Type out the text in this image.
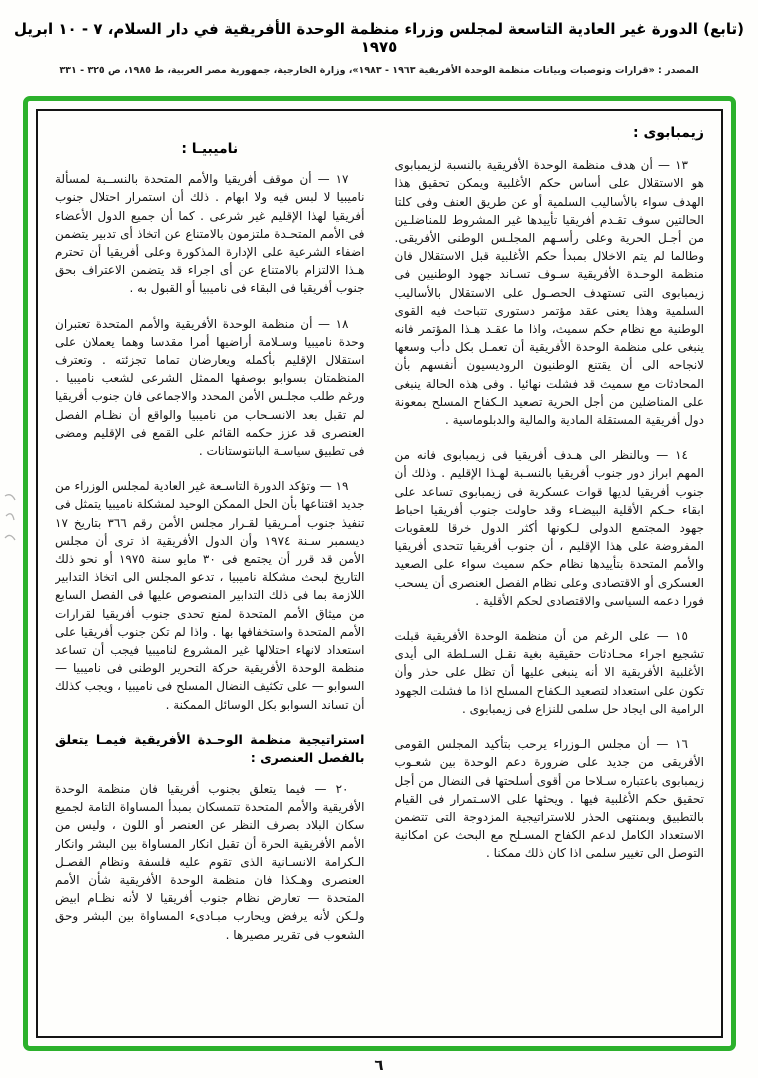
(تابع) الدورة غير العادية التاسعة لمجلس وزراء منظمة الوحدة الأفريقية في دار السلام، ٧ - ١٠ ابريل ١٩٧٥
المصدر : «قرارات وتوصيات وبيانات منظمة الوحدة الأفريقية ١٩٦٣ - ١٩٨٣»، وزارة الخارجية، جمهورية مصر العربية، ط ١٩٨٥، ص ٣٢٥ - ٣٣١
زيمبابوى :

١٣ — أن هدف منظمة الوحدة الأفريقية بالنسبة لزيمبابوى هو الاستقلال على أساس حكم الأغلبية ويمكن تحقيق هذا الهدف سواء بالأساليب السلمية أو عن طريق العنف وفى كلتا الحالتين سوف تقـدم أفريقيا تأييدها غير المشروط للمناضلـين من أجـل الحرية وعلى رأسـهم المجلـس الوطنى الأفريقى. وطالما لم يتم الاخلال بمبدأ حكم الأغلبية قبل الاستقلال فان منظمة الوحـدة الأفريقية سـوف تسـاند جهود الوطنيين فى زيمبابوى التى تستهدف الحصـول على الاستقلال بالأساليب السلمية وهذا يعنى عقد مؤتمر دستورى تتباحث فيه القوى الوطنية مع نظام حكم سميث، واذا ما عقـد هـذا المؤتمر فانه ينبغى على منظمة الوحدة الأفريقية أن تعمـل بكل دأب وسعها لانجاحه الى أن يقتنع الوطنيون الروديسيون أنفسهم بأن المحادثات مع سميث قد فشلت نهائيا . وفى هذه الحالة ينبغى على المناضلين من أجل الحرية تصعيد الـكفاح المسلح بمعونة دول أفريقية المستقلة المادية والمالية والدبلوماسية .

١٤ — وبالنظر الى هـدف أفريقيا فى زيمبابوى فانه من المهم ابراز دور جنوب أفريقيا بالنسـبة لهـذا الإقليم . وذلك أن جنوب أفريقيا لديها قوات عسكرية فى زيمبابوى تساعد على ابقاء حـكم الأقلية البيضـاء وقد حاولت جنوب أفريقيا احباط جهود المجتمع الدولى لـكونها أكثر الدول خرقا للعقوبات المفروضة على هذا الإقليم ، أن جنوب أفريقيا تتحدى أفريقيا والأمم المتحدة بتأييدها نظام حكم سميث سواء على الصعيد العسكرى أو الاقتصادى وعلى نظام الفصل العنصرى أن يسحب فورا دعمه السياسى والاقتصادى لحكم الأقلية .

١٥ — على الرغم من أن منظمة الوحدة الأفريقية قبلت تشجيع اجراء محـادثات حقيقية بغية نقـل السـلطة الى أيدى الأغلبية الأفريقية الا أنه ينبغى عليها أن تظل على حذر وأن تكون على استعداد لتصعيد الـكفاح المسلح اذا ما فشلت الجهود الرامية الى ايجاد حل سلمى للنزاع فى زيمبابوى .

١٦ — أن مجلس الـوزراء يرحب بتأكيد المجلس القومى الأفريقى من جديد على ضرورة دعم الوحدة بين شعـوب زيمبابوى باعتباره سـلاحا من أقوى أسلحتها فى النضال من أجل تحقيق حكم الأغلبية فيها . ويحثها على الاسـتمرار فى القيام بالتطبيق وبمنتهى الحذر للاستراتيجية المزدوجة التى تتضمن الاستعداد الكامل لدعم الكفاح المسـلح مع البحث عن امكانية التوصل الى تغيير سلمى اذا كان ذلك ممكنا .

ناميبيـا :

١٧ — أن موقف أفريقيا والأمم المتحدة بالنســبة لمسألة ناميبيا لا لبس فيه ولا ابهام . ذلك أن استمرار احتلال جنوب أفريقيا لهذا الإقليم غير شرعى . كما أن جميع الدول الأعضاء فى الأمم المتحـدة ملتزمون بالامتناع عن اتخاذ أى تدبير يتضمن اضفاء الشرعية على الإدارة المذكورة وعلى أفريقيا أن تحترم هـذا الالتزام بالامتناع عن أى اجراء قد يتضمن الاعتراف بحق جنوب أفريقيا فى البقاء فى ناميبيا أو القبول به .

١٨ — أن منظمة الوحدة الأفريقية والأمم المتحدة تعتبران وحدة ناميبيا وسـلامة أراضيها أمرا مقدسا وهما يعملان على استقلال الإقليم بأكمله ويعارضان تماما تجزئته . وتعترف المنظمتان بسوابو بوصفها الممثل الشرعى لشعب ناميبيا . ورغم طلب مجلـس الأمن المحدد والاجماعى فان جنوب أفريقيا لم تقبل بعد الانسـحاب من ناميبيا والواقع أن نظـام الفصل العنصرى قد عزز حكمه القائم على القمع فى الإقليم ومضى فى تطبيق سياسـة البانتوستانات .

١٩ — وتؤكد الدورة التاسـعة غير العادية لمجلس الوزراء من جديد اقتناعها بأن الحل الممكن الوحيد لمشكلة ناميبيا يتمثل فى تنفيذ جنوب أمـريقيا لقـرار مجلس الأمن رقم ٣٦٦ بتاريخ ١٧ ديسمبر سـنة ١٩٧٤ وأن الدول الأفريقية اذ ترى أن مجلس الأمن قد قرر أن يجتمع فى ٣٠ مايو سنة ١٩٧٥ أو نحو ذلك التاريخ لبحث مشكلة ناميبيا ، تدعو المجلس الى اتخاذ التدابير اللازمة بما فى ذلك التدابير المنصوص عليها فى الفصل السابع من ميثاق الأمم المتحدة لمنع تحدى جنوب أفريقيا لقرارات الأمم المتحدة واستخفافها بها . واذا لم تكن جنوب أفريقيا على استعداد لانهاء احتلالها غير المشروع لناميبيا فيجب أن تساعد منظمة الوحدة الأفريقية حركة التحرير الوطنى فى ناميبيا — السوابو — على تكثيف النضال المسلح فى ناميبيا ، ويجب كذلك أن تساند السوابو بكل الوسائل الممكنة .

استراتيجية منظمة الوحـدة الأفريقية فيمـا يتعلق بالفصل العنصرى :

٢٠ — فيما يتعلق بجنوب أفريقيا فان منظمة الوحدة الأفريقية والأمم المتحدة تتمسكان بمبدأ المساواة التامة لجميع سكان البلاد بصرف النظر عن العنصر أو اللون ، وليس من الأمم الأفريقية الحرة أن تقبل انكار المساواة بين البشر وانكار الـكرامة الانسـانية الذى تقوم عليه فلسفة ونظام الفصـل العنصرى وهـكذا فان منظمة الوحدة الأفريقية شأن الأمم المتحدة — تعارض نظام جنوب أفريقيا لا لأنه نظـام ابيض ولـكن لأنه يرفض ويحارب مبـادىء المساواة بين البشر وحق الشعوب فى تقرير مصيرها .

٦
